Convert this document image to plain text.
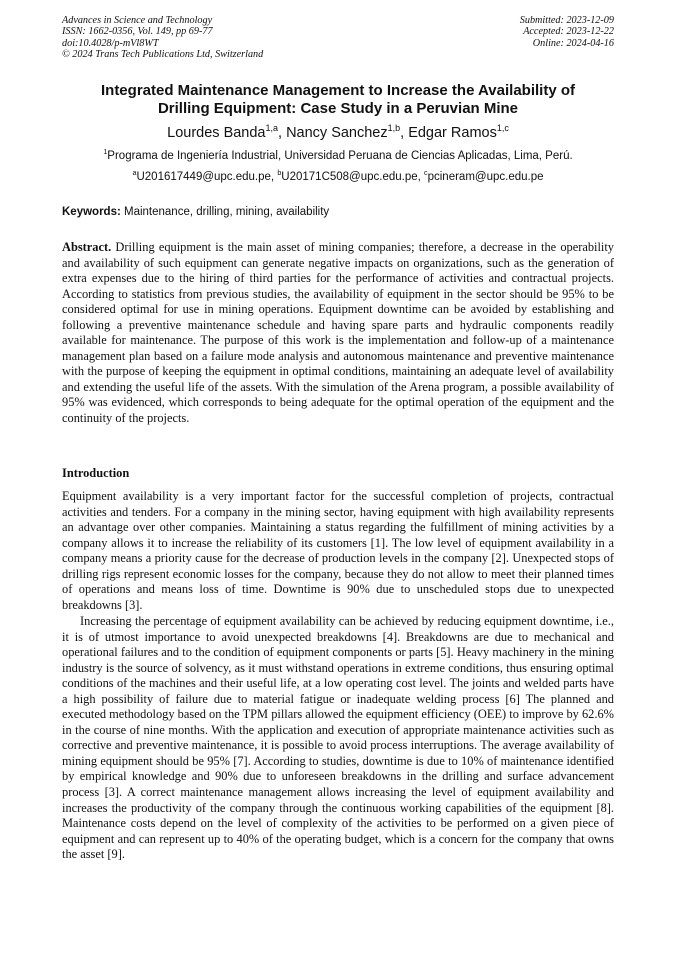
Advances in Science and Technology
ISSN: 1662-0356, Vol. 149, pp 69-77
doi:10.4028/p-mVl8WT
© 2024 Trans Tech Publications Ltd, Switzerland
Submitted: 2023-12-09
Accepted: 2023-12-22
Online: 2024-04-16
Integrated Maintenance Management to Increase the Availability of
Drilling Equipment: Case Study in a Peruvian Mine
Lourdes Banda$^{1,a}$, Nancy Sanchez$^{1,b}$, Edgar Ramos$^{1,c}$
$^1$Programa de Ingeniería Industrial, Universidad Peruana de Ciencias Aplicadas, Lima, Perú.
$^a$U201617449@upc.edu.pe, $^b$U20171C508@upc.edu.pe, $^c$pcineram@upc.edu.pe
Keywords: Maintenance, drilling, mining, availability

Abstract. Drilling equipment is the main asset of mining companies; therefore, a decrease in the operability and availability of such equipment can generate negative impacts on organizations, such as the generation of extra expenses due to the hiring of third parties for the performance of activities and contractual projects. According to statistics from previous studies, the availability of equipment in the sector should be 95% to be considered optimal for use in mining operations. Equipment downtime can be avoided by establishing and following a preventive maintenance schedule and having spare parts and hydraulic components readily available for maintenance. The purpose of this work is the implementation and follow-up of a maintenance management plan based on a failure mode analysis and autonomous maintenance and preventive maintenance with the purpose of keeping the equipment in optimal conditions, maintaining an adequate level of availability and extending the useful life of the assets. With the simulation of the Arena program, a possible availability of 95% was evidenced, which corresponds to being adequate for the optimal operation of the equipment and the continuity of the projects.

Introduction

Equipment availability is a very important factor for the successful completion of projects, contractual activities and tenders. For a company in the mining sector, having equipment with high availability represents an advantage over other companies. Maintaining a status regarding the fulfillment of mining activities by a company allows it to increase the reliability of its customers [1]. The low level of equipment availability in a company means a priority cause for the decrease of production levels in the company [2]. Unexpected stops of drilling rigs represent economic losses for the company, because they do not allow to meet their planned times of operations and means loss of time. Downtime is 90% due to unscheduled stops due to unexpected breakdowns [3].

Increasing the percentage of equipment availability can be achieved by reducing equipment downtime, i.e., it is of utmost importance to avoid unexpected breakdowns [4]. Breakdowns are due to mechanical and operational failures and to the condition of equipment components or parts [5]. Heavy machinery in the mining industry is the source of solvency, as it must withstand operations in extreme conditions, thus ensuring optimal conditions of the machines and their useful life, at a low operating cost level. The joints and welded parts have a high possibility of failure due to material fatigue or inadequate welding process [6] The planned and executed methodology based on the TPM pillars allowed the equipment efficiency (OEE) to improve by 62.6% in the course of nine months. With the application and execution of appropriate maintenance activities such as corrective and preventive maintenance, it is possible to avoid process interruptions. The average availability of mining equipment should be 95% [7]. According to studies, downtime is due to 10% of maintenance identified by empirical knowledge and 90% due to unforeseen breakdowns in the drilling and surface advancement process [3]. A correct maintenance management allows increasing the level of equipment availability and increases the productivity of the company through the continuous working capabilities of the equipment [8]. Maintenance costs depend on the level of complexity of the activities to be performed on a given piece of equipment and can represent up to 40% of the operating budget, which is a concern for the company that owns the asset [9].
